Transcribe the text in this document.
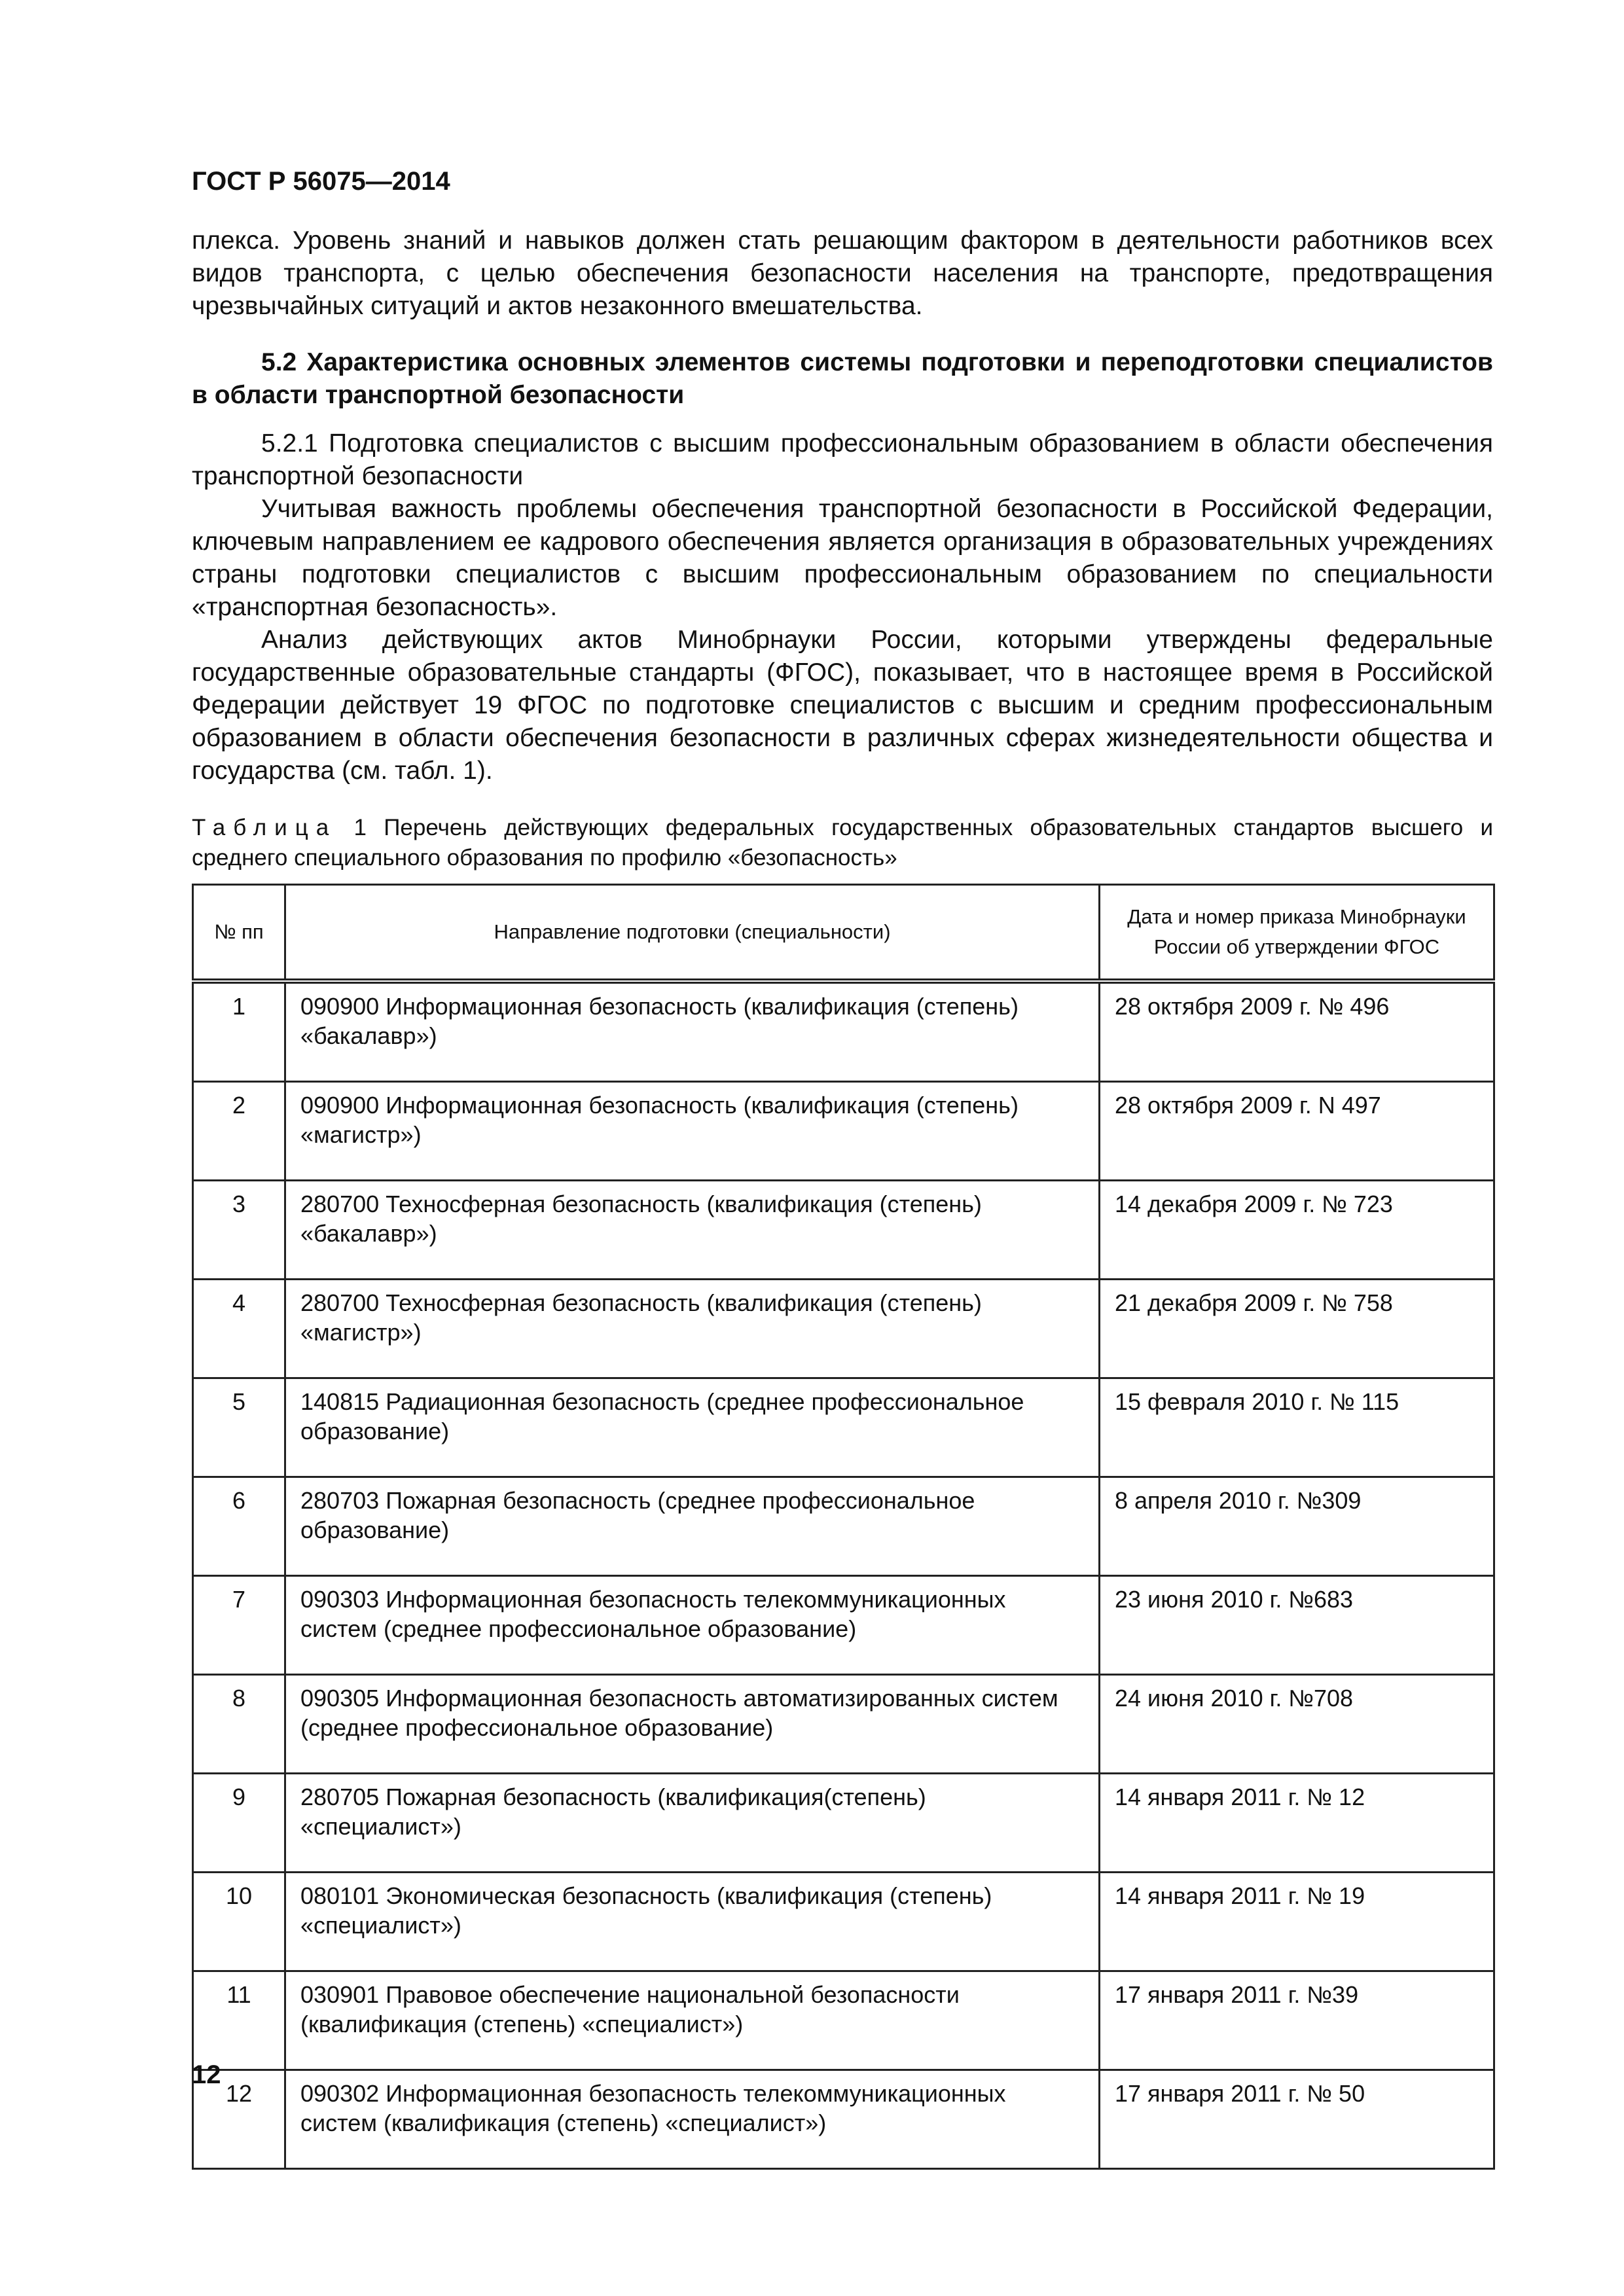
ГОСТ Р 56075—2014

плекса. Уровень знаний и навыков должен стать решающим фактором в деятельности работников всех видов транспорта, с целью обеспечения безопасности населения на транспорте, предотвращения чрезвычайных ситуаций и актов незаконного вмешательства.

5.2 Характеристика основных элементов системы подготовки и переподготовки специалистов в области транспортной безопасности

5.2.1 Подготовка специалистов с высшим профессиональным образованием в области обеспечения транспортной безопасности

Учитывая важность проблемы обеспечения транспортной безопасности в Российской Федерации, ключевым направлением ее кадрового обеспечения является организация в образовательных учреждениях страны подготовки специалистов с высшим профессиональным образованием по специальности «транспортная безопасность».

Анализ действующих актов Минобрнауки России, которыми утверждены федеральные государственные образовательные стандарты (ФГОС), показывает, что в настоящее время в Российской Федерации действует 19 ФГОС по подготовке специалистов с высшим и средним профессиональным образованием в области обеспечения безопасности в различных сферах жизнедеятельности общества и государства (см. табл. 1).

Таблица 1 Перечень действующих федеральных государственных образовательных стандартов высшего и среднего специального образования по профилю «безопасность»

№ пп	Направление подготовки (специальности)	Дата и номер приказа Минобрнауки России об утверждении ФГОС
1	090900 Информационная безопасность (квалификация (степень) «бакалавр»)	28 октября 2009 г. № 496
2	090900 Информационная безопасность (квалификация (степень) «магистр»)	28 октября 2009 г. N 497
3	280700 Техносферная безопасность (квалификация (степень) «бакалавр»)	14 декабря 2009 г. № 723
4	280700 Техносферная безопасность (квалификация (степень) «магистр»)	21 декабря 2009 г. № 758
5	140815 Радиационная безопасность (среднее профессиональное образование)	15 февраля 2010 г. № 115
6	280703 Пожарная безопасность (среднее профессиональное образование)	8 апреля 2010 г. №309
7	090303 Информационная безопасность телекоммуникационных систем (среднее профессиональное образование)	23 июня 2010 г. №683
8	090305 Информационная безопасность автоматизированных систем (среднее профессиональное образование)	24 июня 2010 г. №708
9	280705 Пожарная безопасность (квалификация(степень) «специалист»)	14 января 2011 г. № 12
10	080101 Экономическая безопасность (квалификация (степень) «специалист»)	14 января 2011 г. № 19
11	030901 Правовое обеспечение национальной безопасности (квалификация (степень) «специалист»)	17 января 2011 г. №39
12	090302 Информационная безопасность телекоммуникационных систем (квалификация (степень) «специалист»)	17 января 2011 г. № 50
12
